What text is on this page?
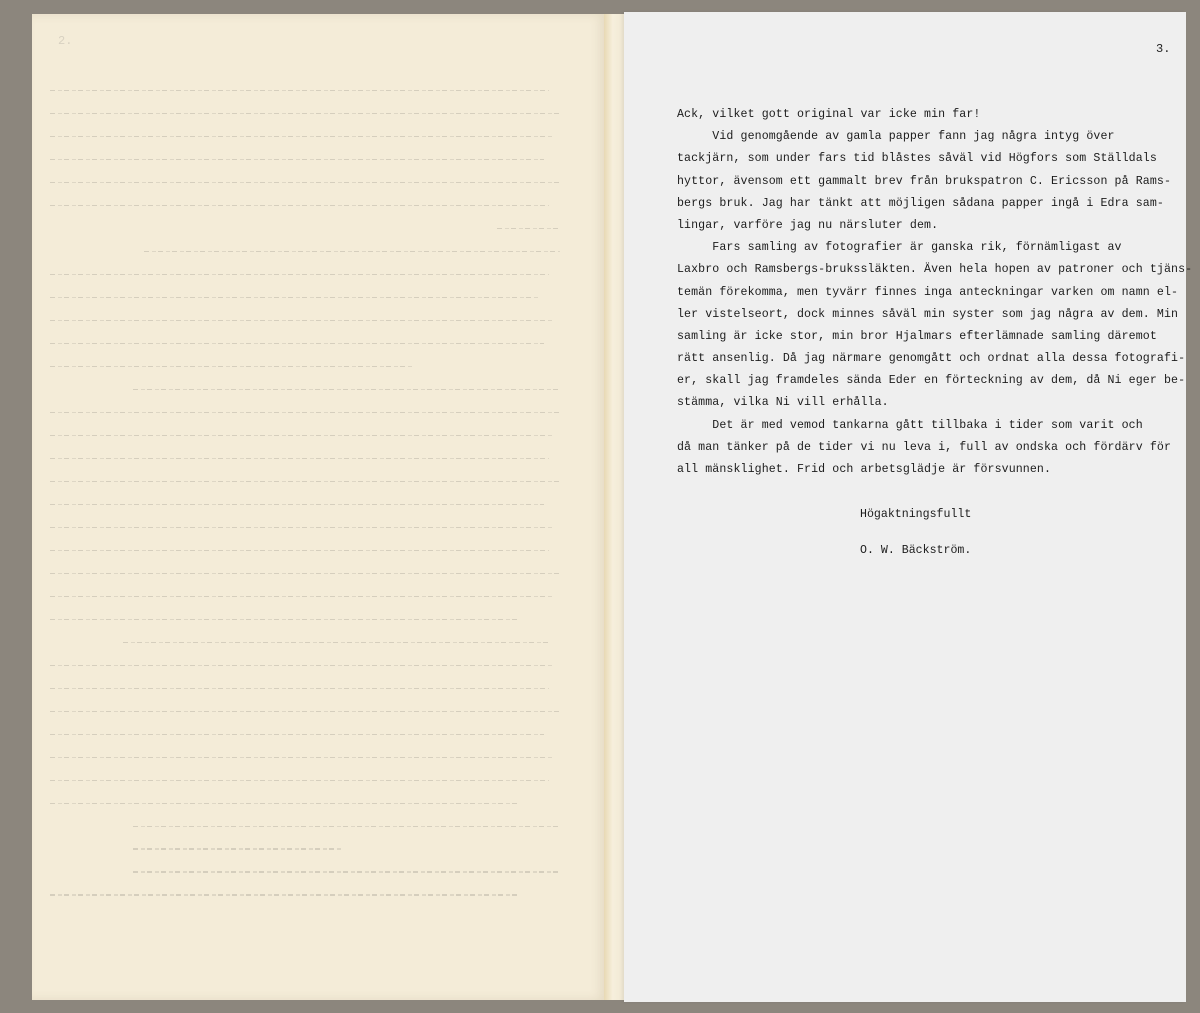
2.
3.
Ack, vilket gott original var icke min far!
Vid genomgående av gamla papper fann jag några intyg över
tackjärn, som under fars tid blåstes såväl vid Högfors som Ställdals
hyttor, ävensom ett gammalt brev från brukspatron C. Ericsson på Rams-
bergs bruk. Jag har tänkt att möjligen sådana papper ingå i Edra sam-
lingar, varföre jag nu närsluter dem.
Fars samling av fotografier är ganska rik, förnämligast av
Laxbro och Ramsbergs-brukssläkten. Även hela hopen av patroner och tjäns-
temän förekomma, men tyvärr finnes inga anteckningar varken om namn el-
ler vistelseort, dock minnes såväl min syster som jag några av dem. Min
samling är icke stor, min bror Hjalmars efterlämnade samling däremot
rätt ansenlig. Då jag närmare genomgått och ordnat alla dessa fotografi-
er, skall jag framdeles sända Eder en förteckning av dem, då Ni eger be-
stämma, vilka Ni vill erhålla.
Det är med vemod tankarna gått tillbaka i tider som varit och
då man tänker på de tider vi nu leva i, full av ondska och fördärv för
all mänsklighet. Frid och arbetsglädje är försvunnen.
Högaktningsfullt
O. W. Bäckström.
